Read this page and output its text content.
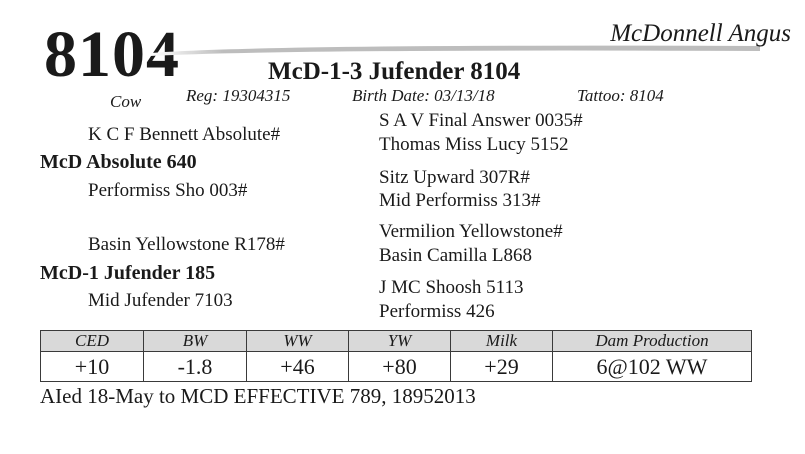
8104	McDonnell Angus
McD-1-3 Jufender 8104
Cow	Reg: 19304315	Birth Date: 03/13/18	Tattoo: 8104
K C F Bennett Absolute#
McD Absolute 640
Performiss Sho 003#
Basin Yellowstone R178#
McD-1 Jufender 185
Mid Jufender 7103
S A V Final Answer 0035#
Thomas Miss Lucy 5152
Sitz Upward 307R#
Mid Performiss 313#
Vermilion Yellowstone#
Basin Camilla L868
J MC Shoosh 5113
Performiss 426
CED	BW	WW	YW	Milk	Dam Production
+10	-1.8	+46	+80	+29	6@102 WW
AIed 18-May to MCD EFFECTIVE 789, 18952013
